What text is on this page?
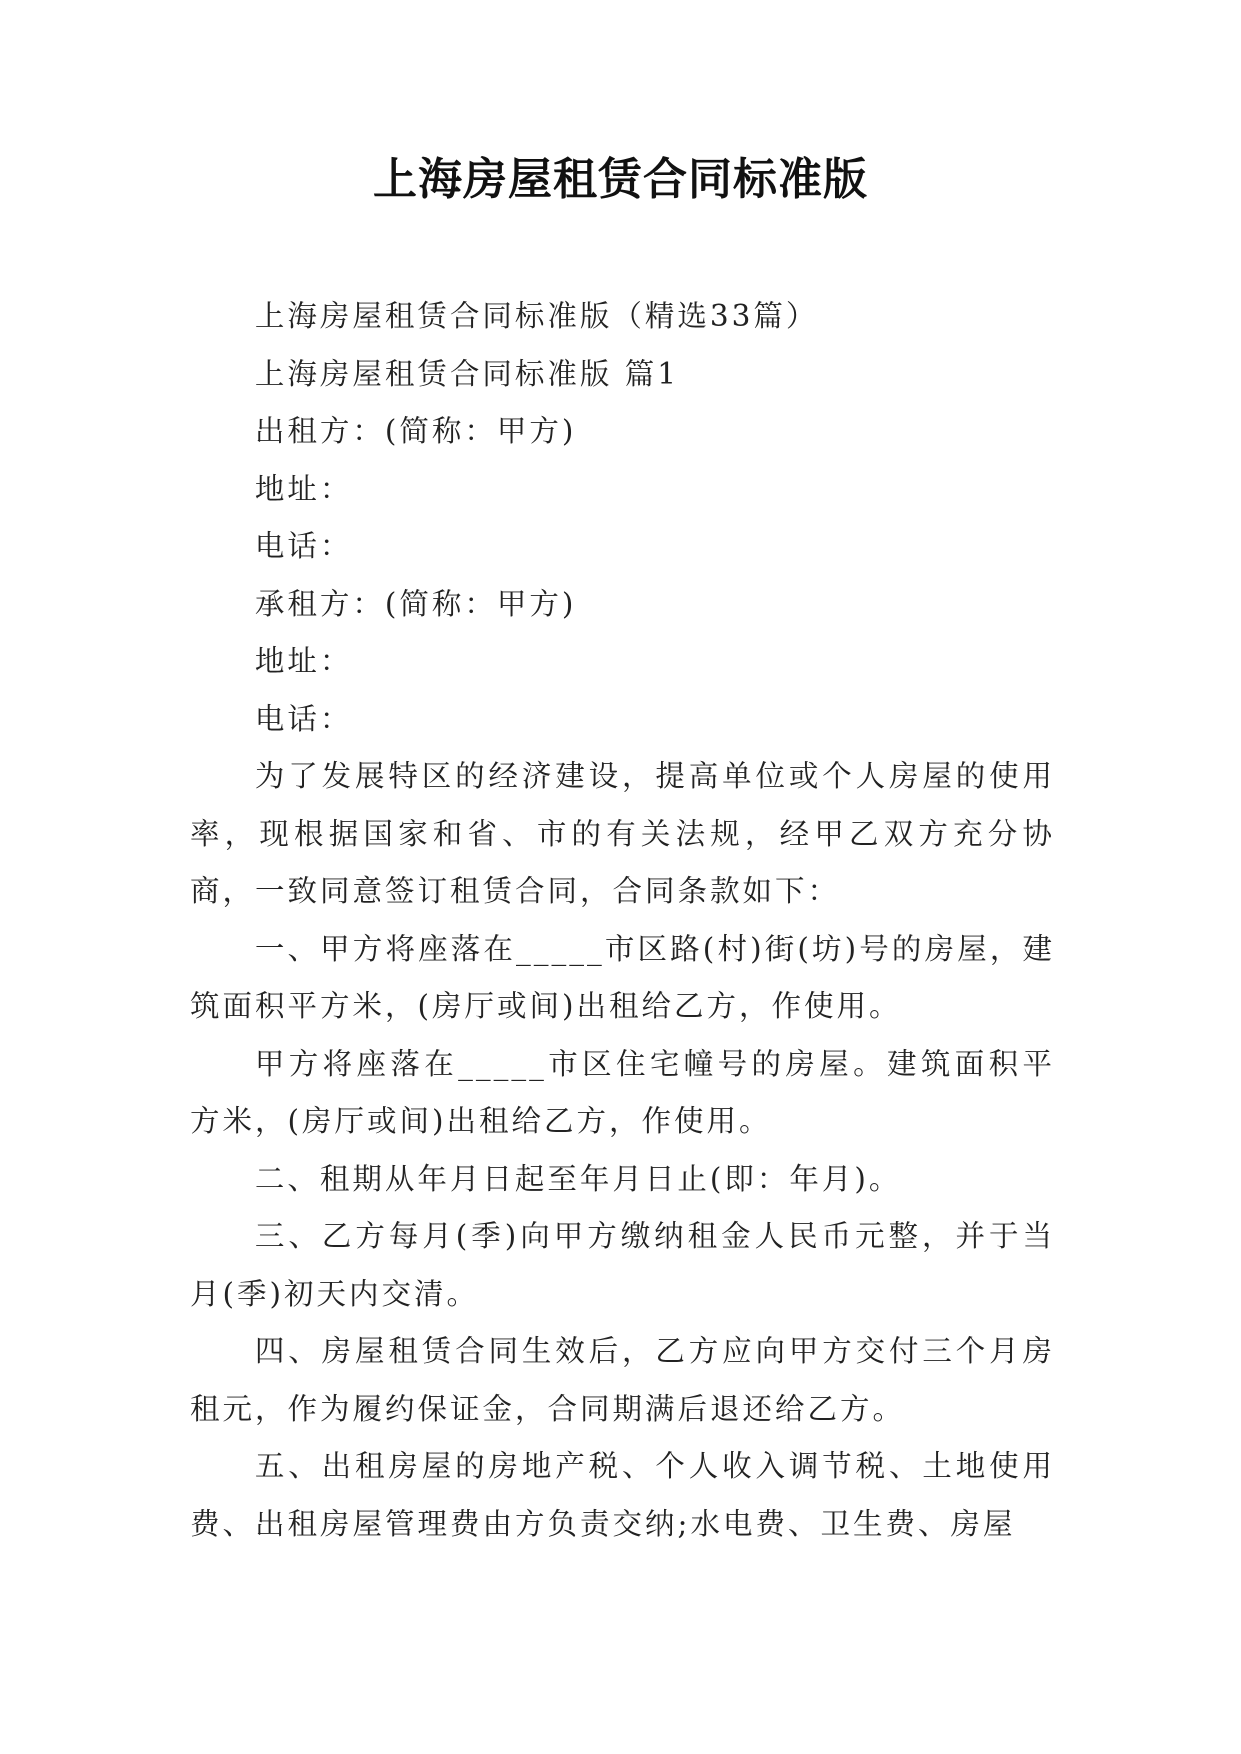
上海房屋租赁合同标准版

上海房屋租赁合同标准版（精选33篇）

上海房屋租赁合同标准版 篇1

出租方：(简称：甲方)

地址：

电话：

承租方：(简称：甲方)

地址：

电话：

为了发展特区的经济建设，提高单位或个人房屋的使用率，现根据国家和省、市的有关法规，经甲乙双方充分协商，一致同意签订租赁合同，合同条款如下：

一、甲方将座落在_____市区路(村)街(坊)号的房屋，建筑面积平方米，(房厅或间)出租给乙方，作使用。

甲方将座落在_____市区住宅幢号的房屋。建筑面积平方米，(房厅或间)出租给乙方，作使用。

二、租期从年月日起至年月日止(即：年月)。

三、乙方每月(季)向甲方缴纳租金人民币元整，并于当月(季)初天内交清。

四、房屋租赁合同生效后，乙方应向甲方交付三个月房租元，作为履约保证金，合同期满后退还给乙方。

五、出租房屋的房地产税、个人收入调节税、土地使用费、出租房屋管理费由方负责交纳;水电费、卫生费、房屋
